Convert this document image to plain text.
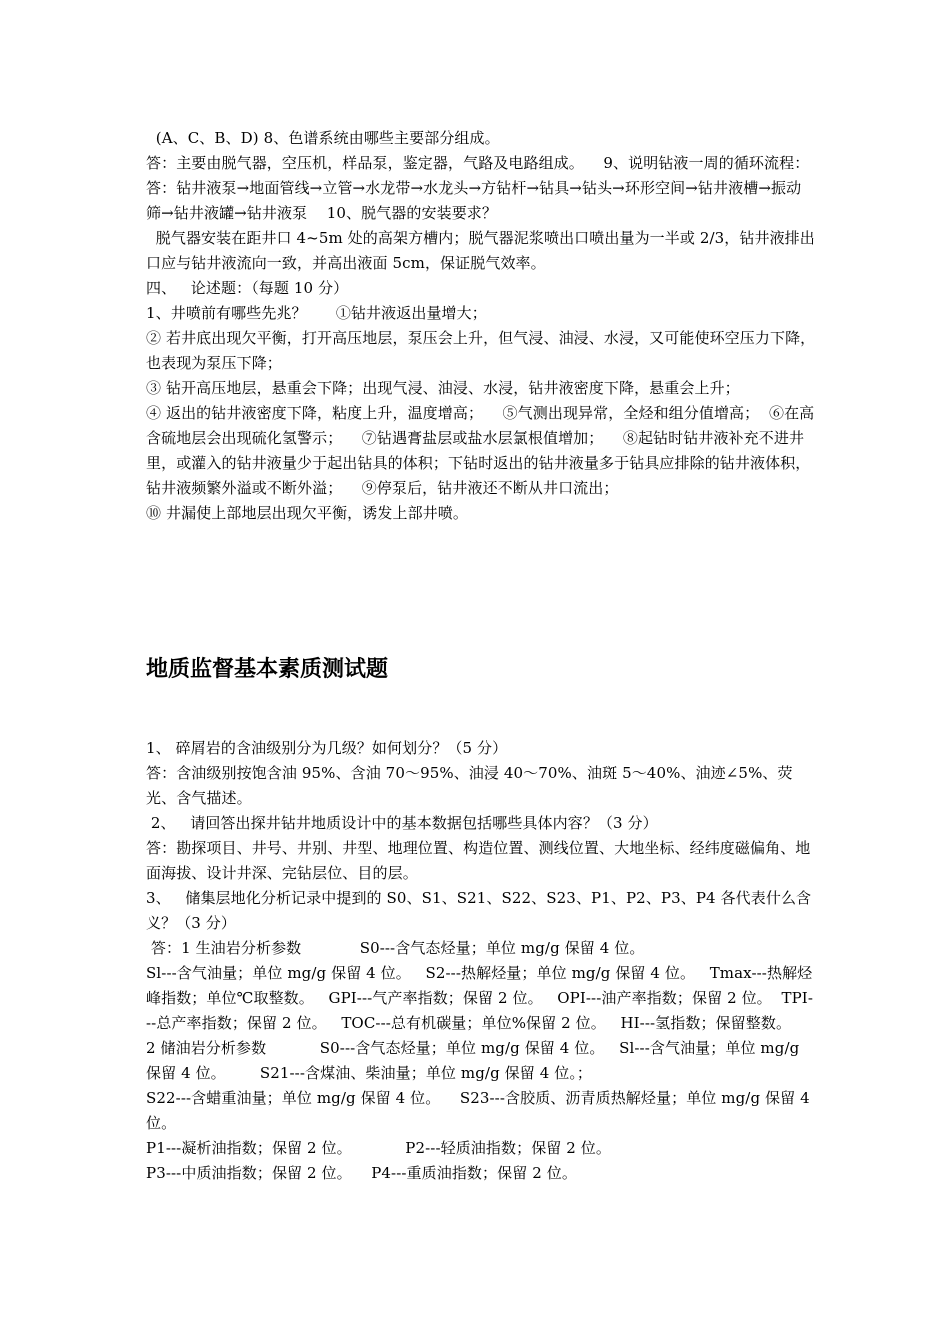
(A、C、B、D) 8、色谱系统由哪些主要部分组成。

答：主要由脱气器，空压机，样品泵，鉴定器，气路及电路组成。    9、说明钻液一周的循环流程：      答：钻井液泵→地面管线→立管→水龙带→水龙头→方钻杆→钻具→钻头→环形空间→钻井液槽→振动筛→钻井液罐→钻井液泵    10、脱气器的安装要求？

脱气器安装在距井口 4~5m 处的高架方槽内；脱气器泥浆喷出口喷出量为一半或 2/3，钻井液排出口应与钻井液流向一致，并高出液面 5cm，保证脱气效率。

四、   论述题：（每题 10 分）

1、井喷前有哪些先兆？      ①钻井液返出量增大；

② 若井底出现欠平衡，打开高压地层，泵压会上升，但气浸、油浸、水浸，又可能使环空压力下降，也表现为泵压下降；

③ 钻开高压地层，悬重会下降；出现气浸、油浸、水浸，钻井液密度下降，悬重会上升；

④ 返出的钻井液密度下降，粘度上升，温度增高；    ⑤气测出现异常，全烃和组分值增高；  ⑥在高含硫地层会出现硫化氢警示；    ⑦钻遇膏盐层或盐水层氯根值增加；    ⑧起钻时钻井液补充不进井里，或灌入的钻井液量少于起出钻具的体积；下钻时返出的钻井液量多于钻具应排除的钻井液体积，钻井液频繁外溢或不断外溢；    ⑨停泵后，钻井液还不断从井口流出；

⑩ 井漏使上部地层出现欠平衡，诱发上部井喷。

地质监督基本素质测试题

1、 碎屑岩的含油级别分为几级？如何划分？（5 分）

答：含油级别按饱含油 95%、含油 70～95%、油浸 40～70%、油斑 5～40%、油迹∠5%、荧光、含气描述。

2、   请回答出探井钻井地质设计中的基本数据包括哪些具体内容？（3 分）

答：勘探项目、井号、井别、井型、地理位置、构造位置、测线位置、大地坐标、经纬度磁偏角、地面海拔、设计井深、完钻层位、目的层。

3、   储集层地化分析记录中提到的 S0、S1、S21、S22、S23、P1、P2、P3、P4 各代表什么含义？（3 分）

答：1 生油岩分析参数            S0---含气态烃量；单位 mg/g 保留 4 位。

Sl---含气油量；单位 mg/g 保留 4 位。   S2---热解烃量；单位 mg/g 保留 4 位。   Tmax---热解烃峰指数；单位℃取整数。   GPI---气产率指数；保留 2 位。   OPI---油产率指数；保留 2 位。  TPI---总产率指数；保留 2 位。   TOC---总有机碳量；单位%保留 2 位。   HI---氢指数；保留整数。

2 储油岩分析参数           S0---含气态烃量；单位 mg/g 保留 4 位。   Sl---含气油量；单位 mg/g 保留 4 位。       S21---含煤油、柴油量；单位 mg/g 保留 4 位。；

S22---含蜡重油量；单位 mg/g 保留 4 位。    S23---含胶质、沥青质热解烃量；单位 mg/g 保留 4 位。

P1---凝析油指数；保留 2 位。           P2---轻质油指数；保留 2 位。

P3---中质油指数；保留 2 位。    P4---重质油指数；保留 2 位。
